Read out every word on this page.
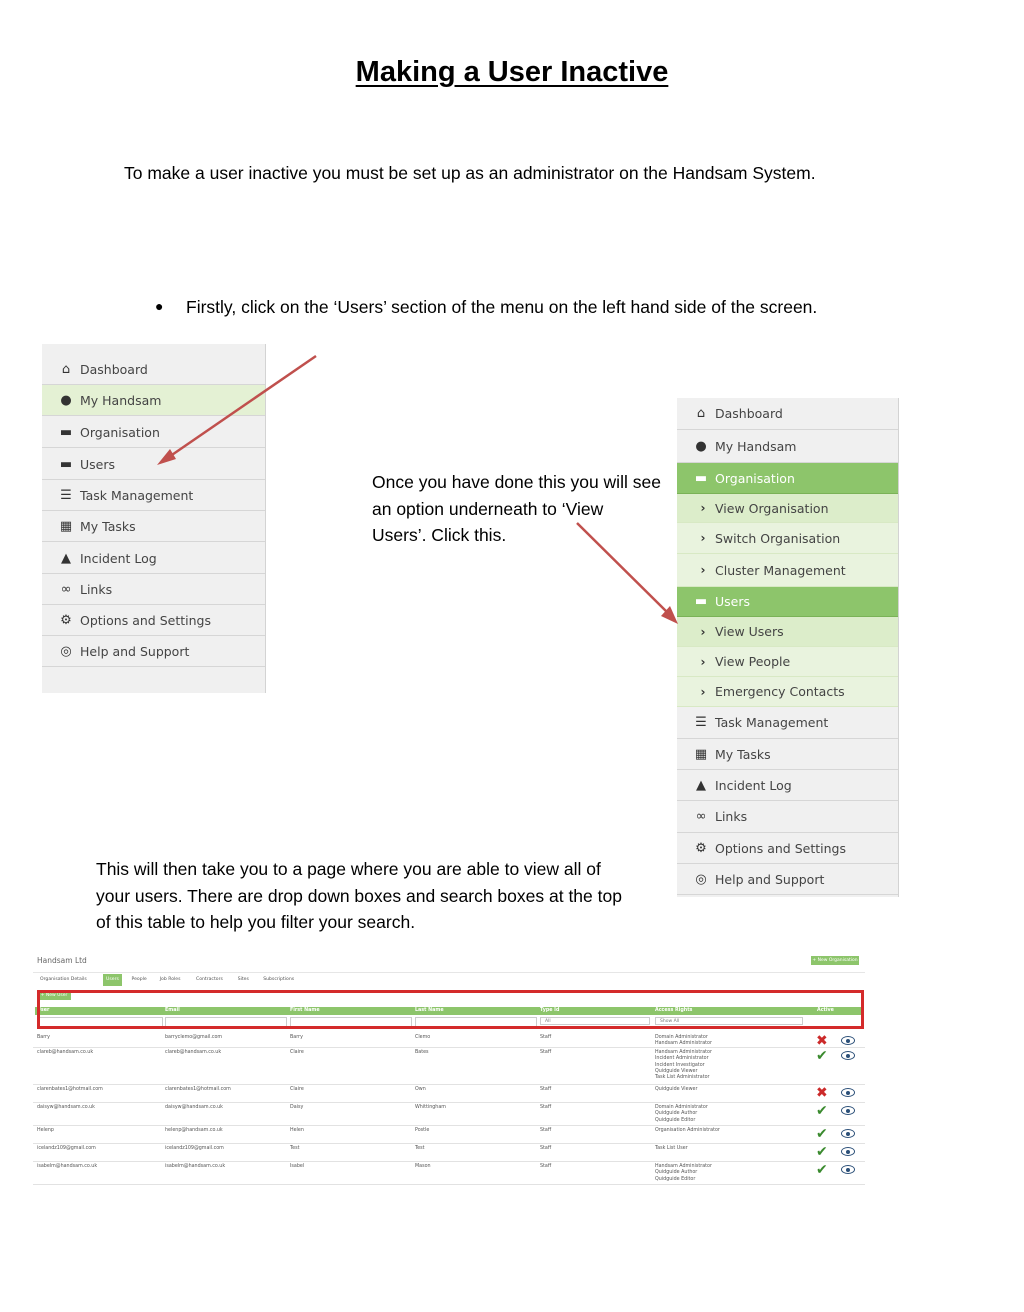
Making a User Inactive
To make a user inactive you must be set up as an administrator on the Handsam System.
● Firstly, click on the ‘Users’ section of the menu on the left hand side of the screen.
Once you have done this you will see
an option underneath to ‘View
Users’. Click this.
This will then take you to a page where you are able to view all of
your users. There are drop down boxes and search boxes at the top
of this table to help you filter your search.
⌂ Dashboard
● My Handsam
▬ Organisation
▬ Users
☰ Task Management
▦ My Tasks
▲ Incident Log
∞ Links
⚙ Options and Settings
◎ Help and Support
⌂ Dashboard
● My Handsam
▬ Organisation
› View Organisation
› Switch Organisation
› Cluster Management
▬ Users
› View Users
› View People
› Emergency Contacts
☰ Task Management
▦ My Tasks
▲ Incident Log
∞ Links
⚙ Options and Settings
◎ Help and Support
Handsam Ltd	+ New Organisation
Organisation Details	Users	People	Job Roles	Contractors	Sites	Subscriptions
+ New User
User	Email	First Name	Last Name	Type Id	Access Rights	Active
All	Show All
Barry	barryclemo@gmail.com	Barry	Clemo	Staff	Domain Administrator
Handsam Administrator	✖
clareb@handsam.co.uk	clareb@handsam.co.uk	Claire	Bates	Staff	Handsam Administrator
Incident Administrator
Incident Investigator
Quidguide Viewer
Task List Administrator
✔
clarenbates1@hotmail.com	clarenbates1@hotmail.com	Claire	Own	Staff	Quidguide Viewer	✖
daisyw@handsam.co.uk	daisyw@handsam.co.uk	Daisy	Whittingham	Staff	Domain Administrator
Quidguide Author
Quidguide Editor
✔
Helenp	helenp@handsam.co.uk	Helen	Postle	Staff	Organisation Administrator	✔
icelandz109@gmail.com	icelandz109@gmail.com	Test	Test	Staff	Task List User	✔
isabelm@handsam.co.uk	isabelm@handsam.co.uk	Isabel	Mason	Staff	Handsam Administrator
Quidguide Author
Quidguide Editor
✔
